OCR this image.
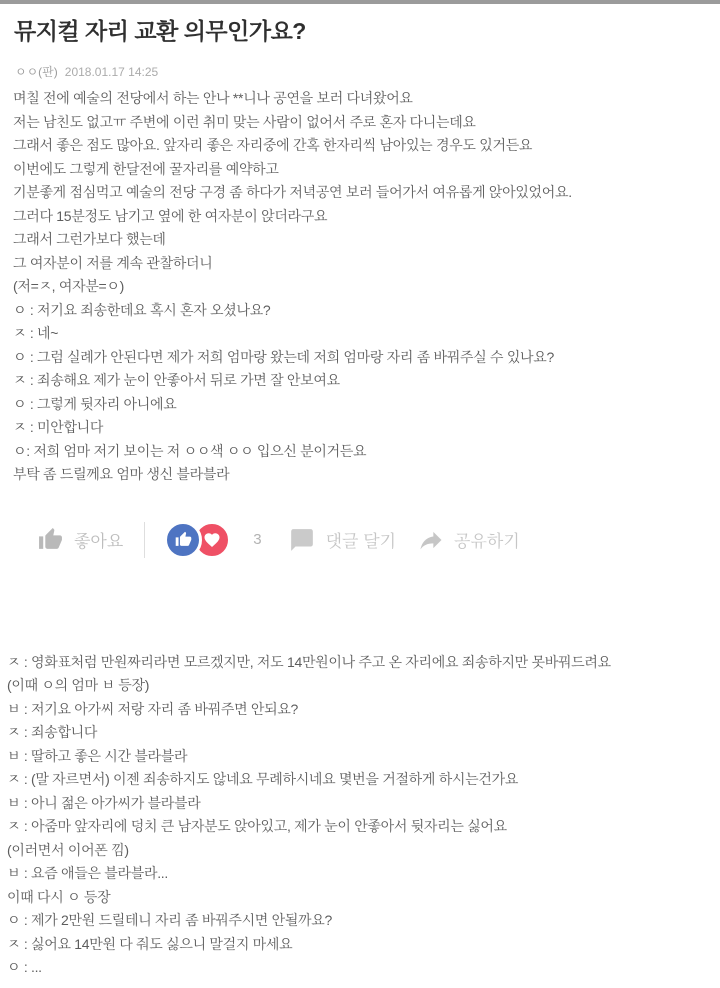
뮤지컬 자리 교환 의무인가요?
ㅇㅇ(판) 2018.01.17 14:25

며칠 전에 예술의 전당에서 하는 안나 **니나 공연을 보러 다녀왔어요

저는 남친도 없고ㅠ 주변에 이런 취미 맞는 사람이 없어서 주로 혼자 다니는데요

그래서 좋은 점도 많아요. 앞자리 좋은 자리중에 간혹 한자리씩 남아있는 경우도 있거든요

이번에도 그렇게 한달전에 꿀자리를 예약하고

기분좋게 점심먹고 예술의 전당 구경 좀 하다가 저녁공연 보러 들어가서 여유롭게 앉아있었어요.

그러다 15분정도 남기고 옆에 한 여자분이 앉더라구요

그래서 그런가보다 했는데

그 여자분이 저를 계속 관찰하더니

(저=ㅈ, 여자분=ㅇ)

ㅇ : 저기요 죄송한데요 혹시 혼자 오셨나요?

ㅈ : 네~

ㅇ : 그럼 실례가 안된다면 제가 저희 엄마랑 왔는데 저희 엄마랑 자리 좀 바꿔주실 수 있나요?

ㅈ : 죄송해요 제가 눈이 안좋아서 뒤로 가면 잘 안보여요

ㅇ : 그렇게 뒷자리 아니에요

ㅈ : 미안합니다

ㅇ: 저희 엄마 저기 보이는 저 ㅇㅇ색 ㅇㅇ 입으신 분이거든요

부탁 좀 드릴께요 엄마 생신 블라블라

좋아요	3	댓글 달기	공유하기

ㅈ : 영화표처럼 만원짜리라면 모르겠지만, 저도 14만원이나 주고 온 자리에요 죄송하지만 못바꿔드려요

(이때 ㅇ의 엄마 ㅂ 등장)

ㅂ : 저기요 아가씨 저랑 자리 좀 바꿔주면 안되요?

ㅈ : 죄송합니다

ㅂ : 딸하고 좋은 시간 블라블라

ㅈ : (말 자르면서) 이젠 죄송하지도 않네요 무례하시네요 몇번을 거절하게 하시는건가요

ㅂ : 아니 젊은 아가씨가 블라블라

ㅈ : 아줌마 앞자리에 덩치 큰 남자분도 앉아있고, 제가 눈이 안좋아서 뒷자리는 싫어요

(이러면서 이어폰 낌)

ㅂ : 요즘 애들은 블라블라...

이때 다시 ㅇ 등장

ㅇ : 제가 2만원 드릴테니 자리 좀 바꿔주시면 안될까요?

ㅈ : 싫어요 14만원 다 줘도 싫으니 말걸지 마세요

ㅇ : ...
